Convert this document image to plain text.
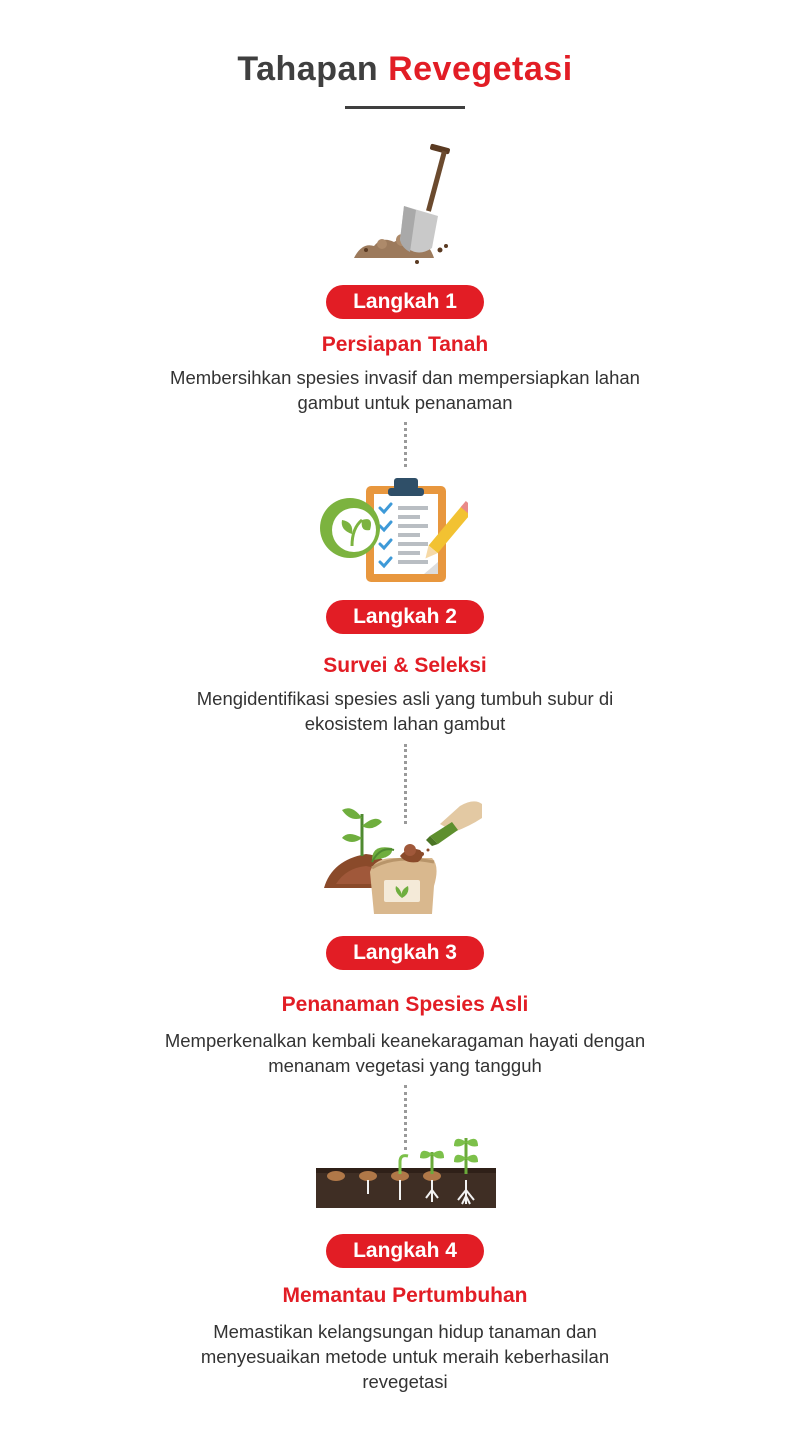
Tahapan Revegetasi
Langkah 1
Persiapan Tanah
Membersihkan spesies invasif dan mempersiapkan lahan gambut untuk penanaman
Langkah 2
Survei & Seleksi
Mengidentifikasi spesies asli yang tumbuh subur di ekosistem lahan gambut
Langkah 3
Penanaman Spesies Asli
Memperkenalkan kembali keanekaragaman hayati dengan menanam vegetasi yang tangguh
Langkah 4
Memantau Pertumbuhan
Memastikan kelangsungan hidup tanaman dan menyesuaikan metode untuk meraih keberhasilan revegetasi
